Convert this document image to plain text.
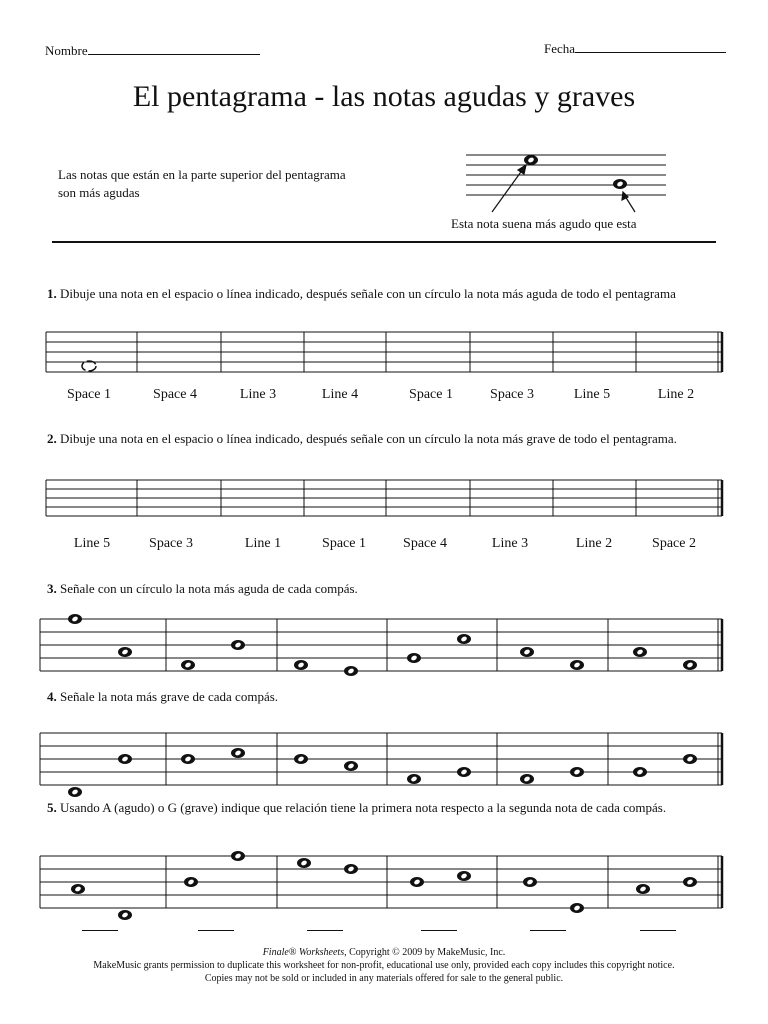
Nombre	Fecha
El pentagrama - las notas agudas y graves
Las notas que están en la parte superior del pentagrama son más agudas
Esta nota suena más agudo que esta
1. Dibuje una nota en el espacio o línea indicado, después señale con un círculo la nota más aguda de todo el pentagrama
Space 1	Space 4	Line 3	Line 4	Space 1	Space 3	Line 5	Line 2
2. Dibuje una nota en el espacio o línea indicado, después señale con un círculo la nota más grave de todo el pentagrama.
Line 5	Space 3	Line 1	Space 1	Space 4	Line 3	Line 2	Space 2
3. Señale con un círculo la nota más aguda de cada compás.
4. Señale la nota más grave de cada compás.
5. Usando A (agudo) o G (grave) indique que relación tiene la primera nota respecto a la segunda nota de cada compás.
Finale® Worksheets, Copyright © 2009 by MakeMusic, Inc.
MakeMusic grants permission to duplicate this worksheet for non-profit, educational use only, provided each copy includes this copyright notice.
Copies may not be sold or included in any materials offered for sale to the general public.
